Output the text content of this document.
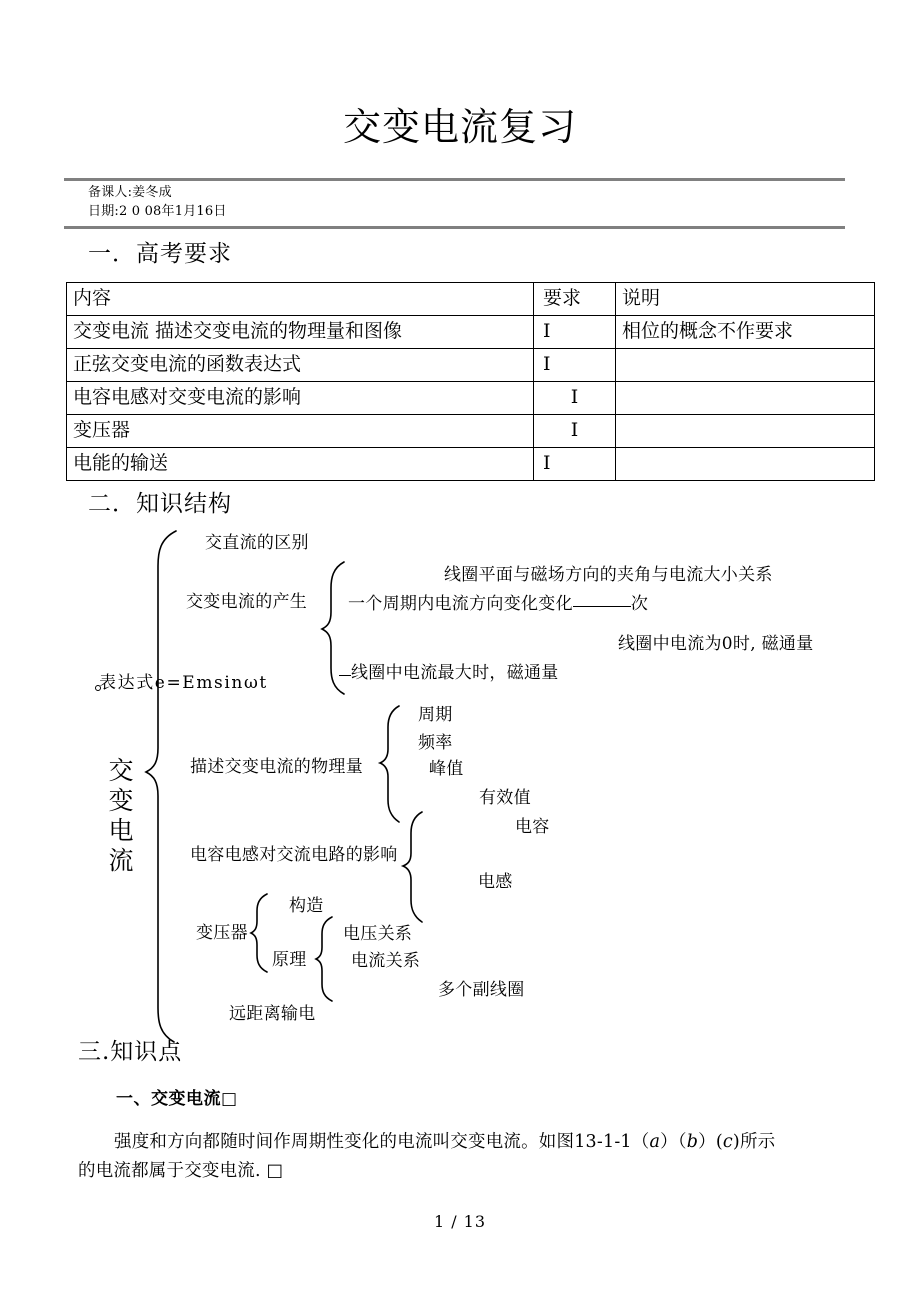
交变电流复习
备课人:姜冬成
日期:2 0 08年1月16日
一．高考要求
内容	要求	说明
交变电流 描述交变电流的物理量和图像	I	相位的概念不作要求
正弦交变电流的函数表达式	I	
电容电感对交变电流的影响	I	
变压器	I	
电能的输送	I	
二．知识结构
交变电流
交直流的区别
交变电流的产生
线圈平面与磁场方向的夹角与电流大小关系
一个周期内电流方向变化变化	次
线圈中电流为0时, 磁通量
线圈中电流最大时，磁通量
表达式e=Emsinωt
描述交变电流的物理量
周期
频率
峰值
有效值
电容电感对交流电路的影响
电容
电感
变压器
构造
原理
电压关系
电流关系
多个副线圈
远距离输电
三.知识点
一、交变电流□
强度和方向都随时间作周期性变化的电流叫交变电流。如图13-1-1（a）（b）(c)所示的电流都属于交变电流. □
1 / 13
